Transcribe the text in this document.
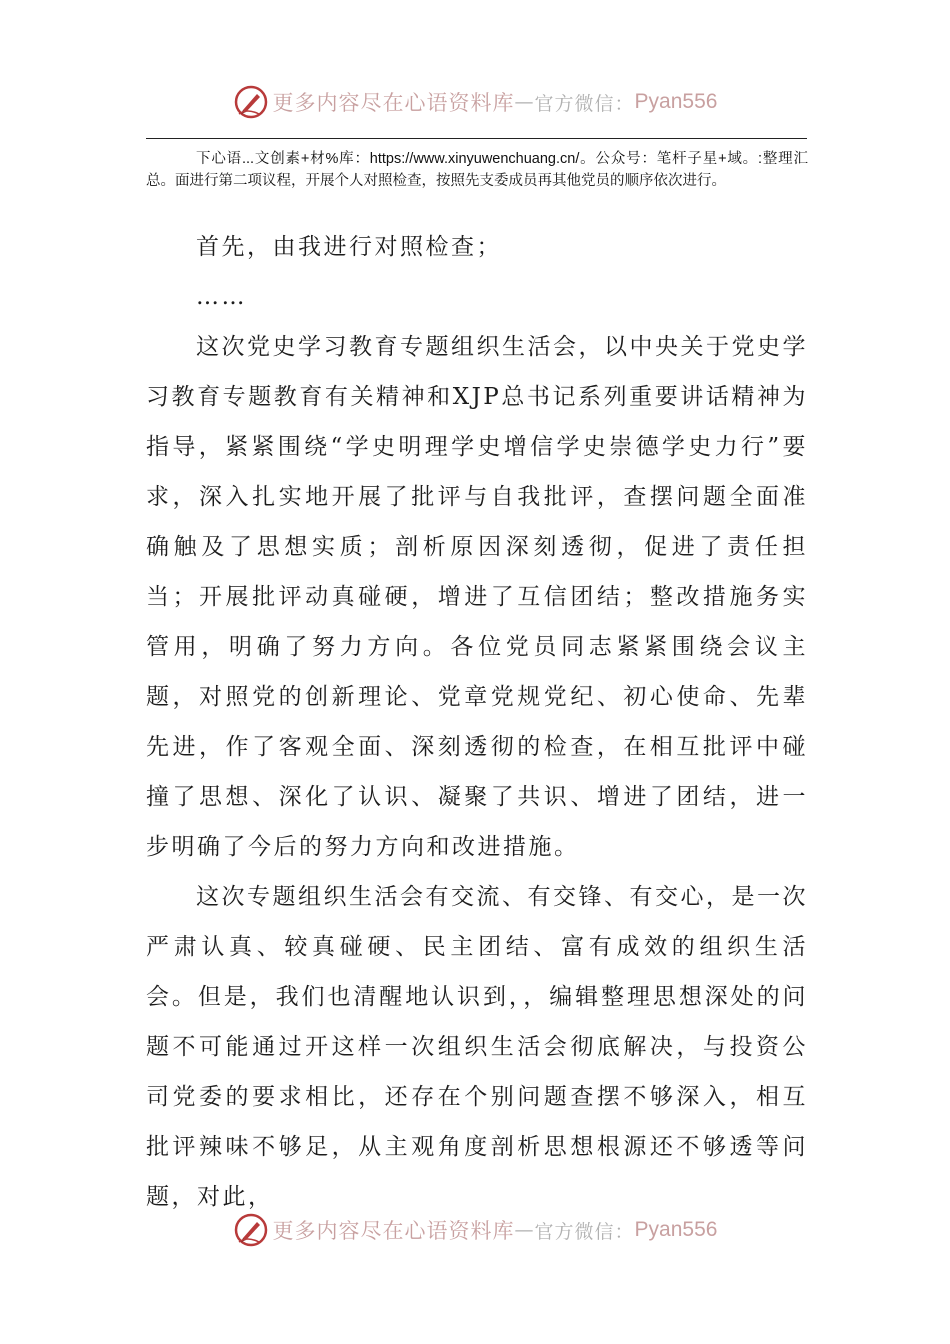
更多内容尽在心语资料库 — 官方微信： Pyan556

下心语...文创素+材%库：https://www.xinyuwenchuang.cn/。公众号：笔杆子星+域。:整理汇总。面进行第二项议程，开展个人对照检查，按照先支委成员再其他党员的顺序依次进行。

首先，由我进行对照检查；

……

这次党史学习教育专题组织生活会，以中央关于党史学习教育专题教育有关精神和XJP总书记系列重要讲话精神为指导，紧紧围绕“学史明理学史增信学史崇德学史力行”要求，深入扎实地开展了批评与自我批评，查摆问题全面准确触及了思想实质；剖析原因深刻透彻，促进了责任担当；开展批评动真碰硬，增进了互信团结；整改措施务实管用，明确了努力方向。各位党员同志紧紧围绕会议主题，对照党的创新理论、党章党规党纪、初心使命、先辈先进，作了客观全面、深刻透彻的检查，在相互批评中碰撞了思想、深化了认识、凝聚了共识、增进了团结，进一步明确了今后的努力方向和改进措施。

这次专题组织生活会有交流、有交锋、有交心，是一次严肃认真、较真碰硬、民主团结、富有成效的组织生活会。但是，我们也清醒地认识到，，编辑整理思想深处的问题不可能通过开这样一次组织生活会彻底解决，与投资公司党委的要求相比，还存在个别问题查摆不够深入，相互批评辣味不够足，从主观角度剖析思想根源还不够透等问题，对此，

更多内容尽在心语资料库 — 官方微信： Pyan556
